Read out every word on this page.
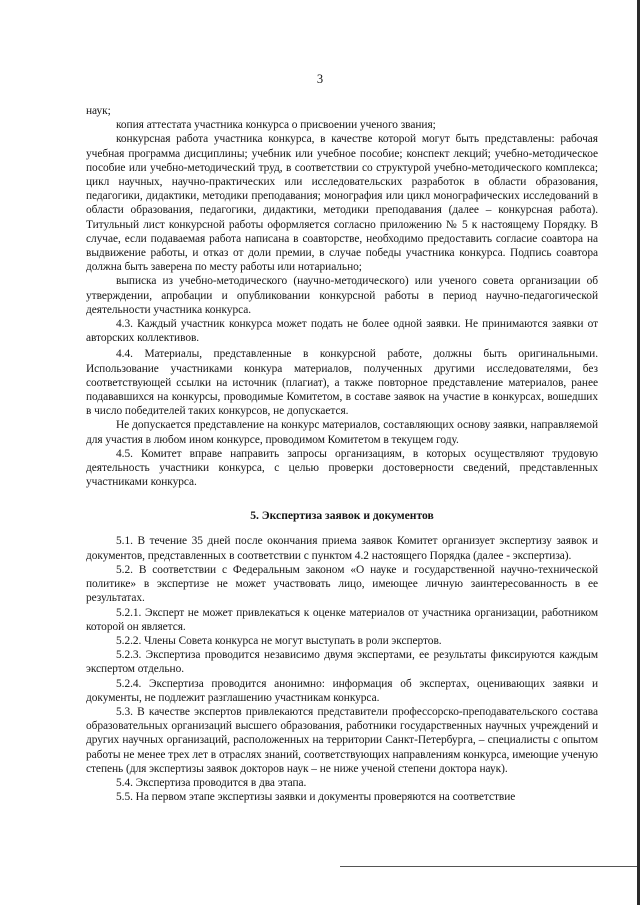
3

наук;

копия аттестата участника конкурса о присвоении ученого звания;

конкурсная работа участника конкурса, в качестве которой могут быть представлены: рабочая учебная программа дисциплины; учебник или учебное пособие; конспект лекций; учебно-методическое пособие или учебно-методический труд, в соответствии со структурой учебно-методического комплекса; цикл научных, научно-практических или исследовательских разработок в области образования, педагогики, дидактики, методики преподавания; монография или цикл монографических исследований в области образования, педагогики, дидактики, методики преподавания (далее – конкурсная работа). Титульный лист конкурсной работы оформляется согласно приложению № 5 к настоящему Порядку. В случае, если подаваемая работа написана в соавторстве, необходимо предоставить согласие соавтора на выдвижение работы, и отказ от доли премии, в случае победы участника конкурса. Подпись соавтора должна быть заверена по месту работы или нотариально;

выписка из учебно-методического (научно-методического) или ученого совета организации об утверждении, апробации и опубликовании конкурсной работы в период научно-педагогической деятельности участника конкурса.

4.3. Каждый участник конкурса может подать не более одной заявки. Не принимаются заявки от авторских коллективов.

4.4. Материалы, представленные в конкурсной работе, должны быть оригинальными. Использование участниками конкура материалов, полученных другими исследователями, без соответствующей ссылки на источник (плагиат), а также повторное представление материалов, ранее подававшихся на конкурсы, проводимые Комитетом, в составе заявок на участие в конкурсах, вошедших в число победителей таких конкурсов, не допускается.

Не допускается представление на конкурс материалов, составляющих основу заявки, направляемой для участия в любом ином конкурсе, проводимом Комитетом в текущем году.

4.5. Комитет вправе направить запросы организациям, в которых осуществляют трудовую деятельность участники конкурса, с целью проверки достоверности сведений, представленных участниками конкурса.

5. Экспертиза заявок и документов

5.1. В течение 35 дней после окончания приема заявок Комитет организует экспертизу заявок и документов, представленных в соответствии с пунктом 4.2 настоящего Порядка (далее - экспертиза).

5.2. В соответствии с Федеральным законом «О науке и государственной научно-технической политике» в экспертизе не может участвовать лицо, имеющее личную заинтересованность в ее результатах.

5.2.1. Эксперт не может привлекаться к оценке материалов от участника организации, работником которой он является.

5.2.2. Члены Совета конкурса не могут выступать в роли экспертов.

5.2.3. Экспертиза проводится независимо двумя экспертами, ее результаты фиксируются каждым экспертом отдельно.

5.2.4. Экспертиза проводится анонимно: информация об экспертах, оценивающих заявки и документы, не подлежит разглашению участникам конкурса.

5.3. В качестве экспертов привлекаются представители профессорско-преподавательского состава образовательных организаций высшего образования, работники государственных научных учреждений и других научных организаций, расположенных на территории Санкт-Петербурга, – специалисты с опытом работы не менее трех лет в отраслях знаний, соответствующих направлениям конкурса, имеющие ученую степень (для экспертизы заявок докторов наук – не ниже ученой степени доктора наук).

5.4. Экспертиза проводится в два этапа.

5.5. На первом этапе экспертизы заявки и документы проверяются на соответствие
